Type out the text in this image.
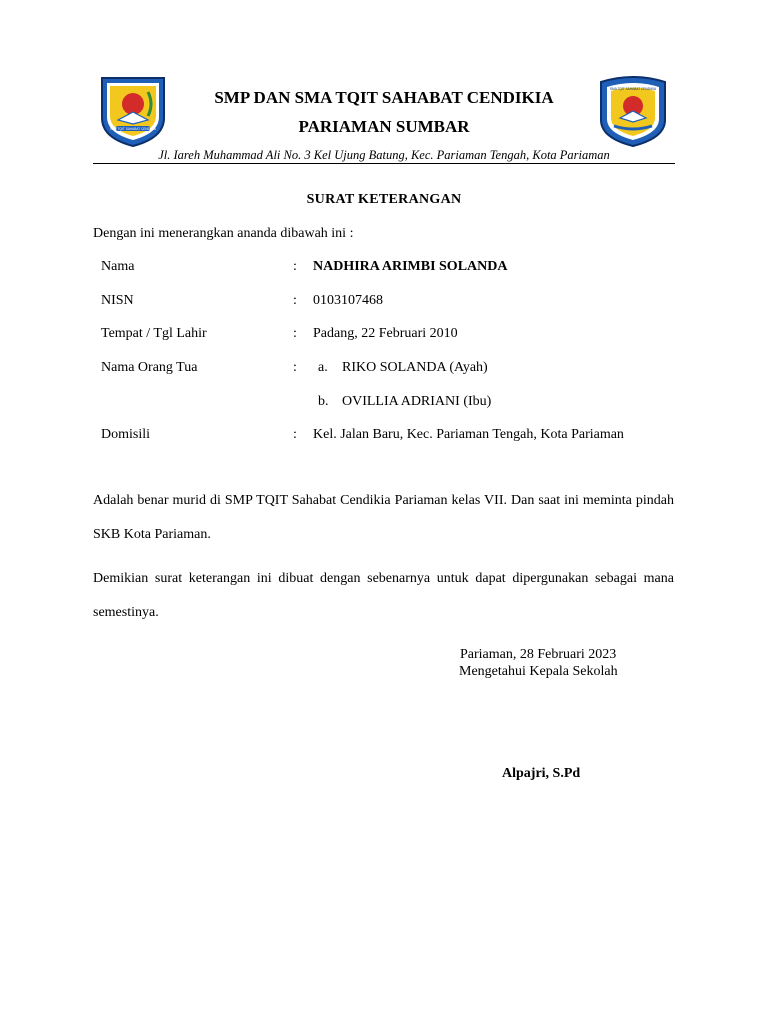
SMP TQIT SAHABAT CENDIKIA
SMA TQIT SAHABAT CENDIKIA
SMP DAN SMA TQIT SAHABAT CENDIKIA
PARIAMAN SUMBAR
Jl. Iareh Muhammad Ali No. 3 Kel Ujung Batung, Kec. Pariaman Tengah, Kota Pariaman
SURAT KETERANGAN
Dengan ini menerangkan ananda dibawah ini :
Nama	: NADHIRA ARIMBI SOLANDA
NISN	: 0103107468
Tempat / Tgl Lahir	: Padang, 22 Februari 2010
Nama Orang Tua	: a. RIKO SOLANDA (Ayah)
b. OVILLIA ADRIANI (Ibu)
Domisili	: Kel. Jalan Baru, Kec. Pariaman Tengah, Kota Pariaman
Adalah benar murid di SMP TQIT Sahabat Cendikia Pariaman kelas VII. Dan saat ini meminta pindah SKB Kota Pariaman.
Demikian surat keterangan ini dibuat dengan sebenarnya untuk dapat dipergunakan sebagai mana semestinya.
Pariaman, 28 Februari 2023
Mengetahui Kepala Sekolah
Alpajri, S.Pd
